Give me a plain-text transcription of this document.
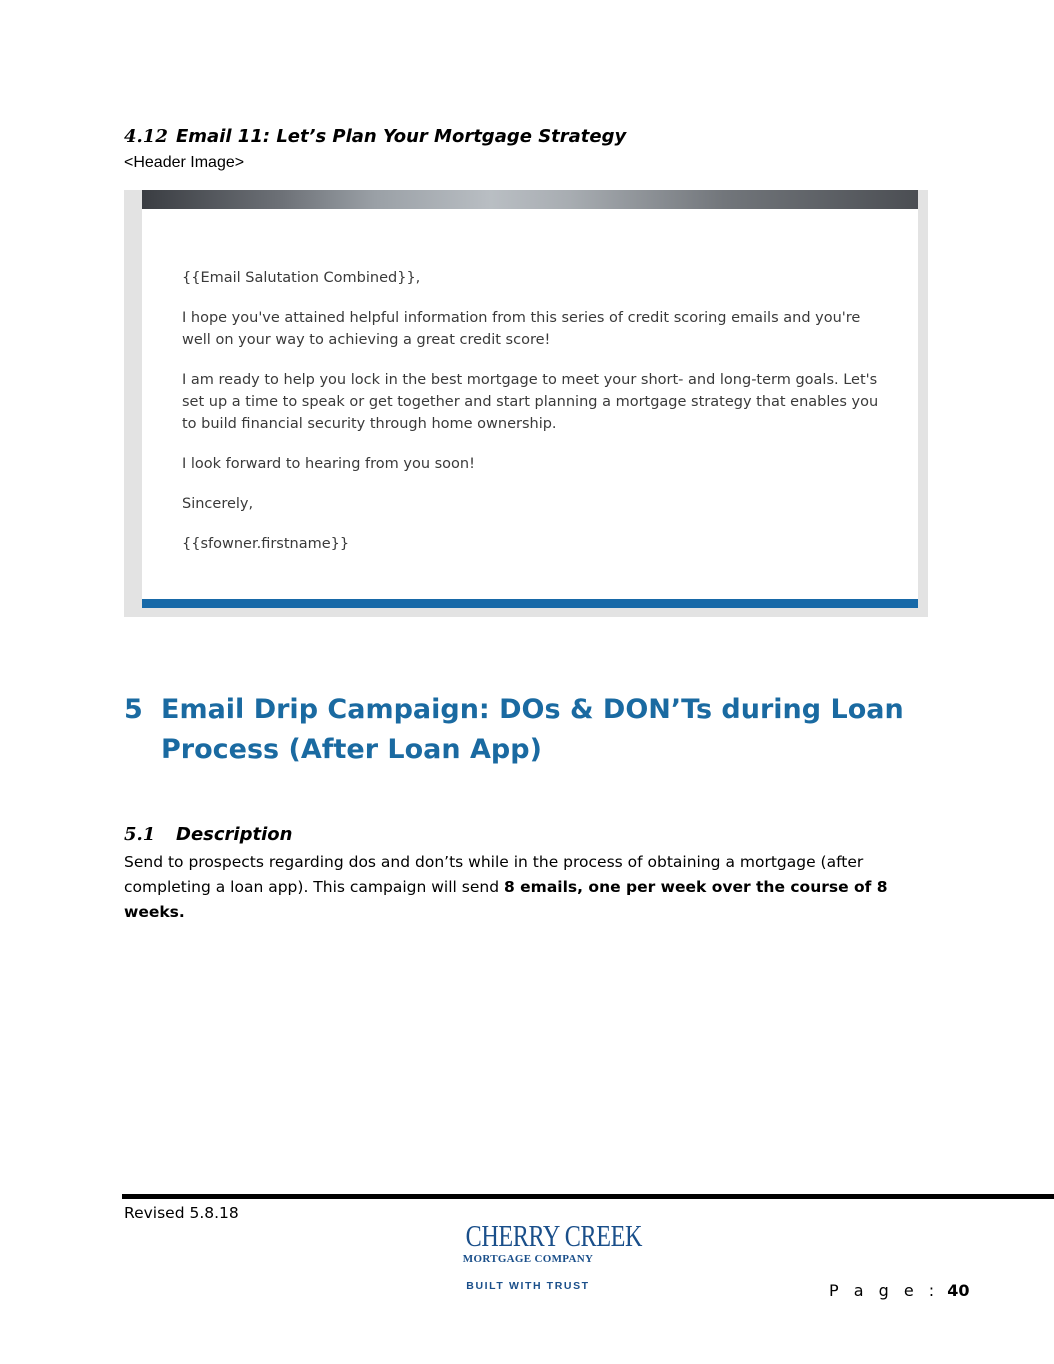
4.12 Email 11: Let’s Plan Your Mortgage Strategy
<Header Image>

{{Email Salutation Combined}},

I hope you've attained helpful information from this series of credit scoring emails and you're well on your way to achieving a great credit score!

I am ready to help you lock in the best mortgage to meet your short- and long-term goals. Let's set up a time to speak or get together and start planning a mortgage strategy that enables you to build financial security through home ownership.

I look forward to hearing from you soon!

Sincerely,

{{sfowner.firstname}}

5 Email Drip Campaign: DOs & DON’Ts during Loan Process (After Loan App)
5.1 Description
Send to prospects regarding dos and don’ts while in the process of obtaining a mortgage (after completing a loan app). This campaign will send 8 emails, one per week over the course of 8 weeks.
Revised 5.8.18
CHERRY CREEK
MORTGAGE COMPANY
BUILT WITH TRUST	P a g e : 40
